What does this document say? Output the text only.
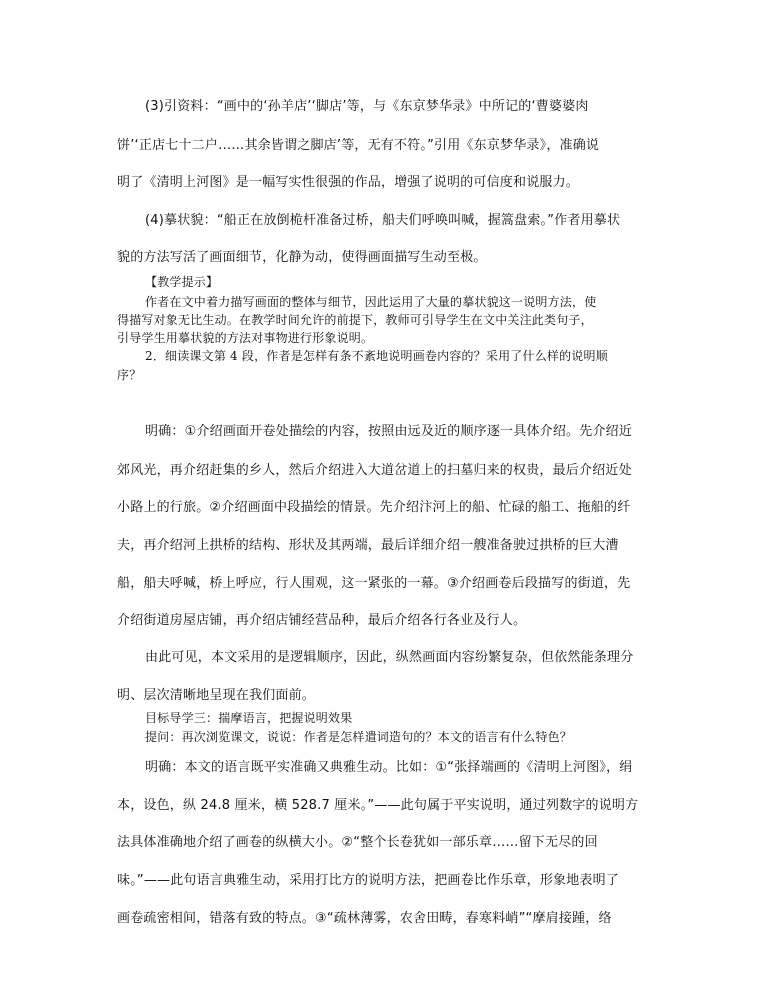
(3)引资料：“画中的‘孙羊店’‘脚店’等，与《东京梦华录》中所记的‘曹婆婆肉
饼’‘正店七十二户……其余皆谓之脚店’等，无有不符。”引用《东京梦华录》，准确说
明了《清明上河图》是一幅写实性很强的作品，增强了说明的可信度和说服力。
(4)摹状貌：“船正在放倒桅杆准备过桥，船夫们呼唤叫喊，握篙盘索。”作者用摹状
貌的方法写活了画面细节，化静为动，使得画面描写生动至极。
【教学提示】
作者在文中着力描写画面的整体与细节，因此运用了大量的摹状貌这一说明方法，使
得描写对象无比生动。在教学时间允许的前提下，教师可引导学生在文中关注此类句子，
引导学生用摹状貌的方法对事物进行形象说明。
2．细读课文第 4 段，作者是怎样有条不紊地说明画卷内容的？采用了什么样的说明顺
序？
明确：①介绍画面开卷处描绘的内容，按照由远及近的顺序逐一具体介绍。先介绍近
郊风光，再介绍赶集的乡人，然后介绍进入大道岔道上的扫墓归来的权贵，最后介绍近处
小路上的行旅。②介绍画面中段描绘的情景。先介绍汴河上的船、忙碌的船工、拖船的纤
夫，再介绍河上拱桥的结构、形状及其两端，最后详细介绍一艘准备驶过拱桥的巨大漕
船，船夫呼喊，桥上呼应，行人围观，这一紧张的一幕。③介绍画卷后段描写的街道，先
介绍街道房屋店铺，再介绍店铺经营品种，最后介绍各行各业及行人。
由此可见，本文采用的是逻辑顺序，因此，纵然画面内容纷繁复杂，但依然能条理分
明、层次清晰地呈现在我们面前。
目标导学三：揣摩语言，把握说明效果
提问：再次浏览课文，说说：作者是怎样遣词造句的？本文的语言有什么特色？
明确：本文的语言既平实准确又典雅生动。比如：①“张择端画的《清明上河图》，绢
本，设色，纵 24.8 厘米，横 528.7 厘米。”——此句属于平实说明，通过列数字的说明方
法具体准确地介绍了画卷的纵横大小。②“整个长卷犹如一部乐章……留下无尽的回
味。”——此句语言典雅生动，采用打比方的说明方法，把画卷比作乐章，形象地表明了
画卷疏密相间，错落有致的特点。③“疏林薄雾，农舍田畴，春寒料峭”“摩肩接踵，络
